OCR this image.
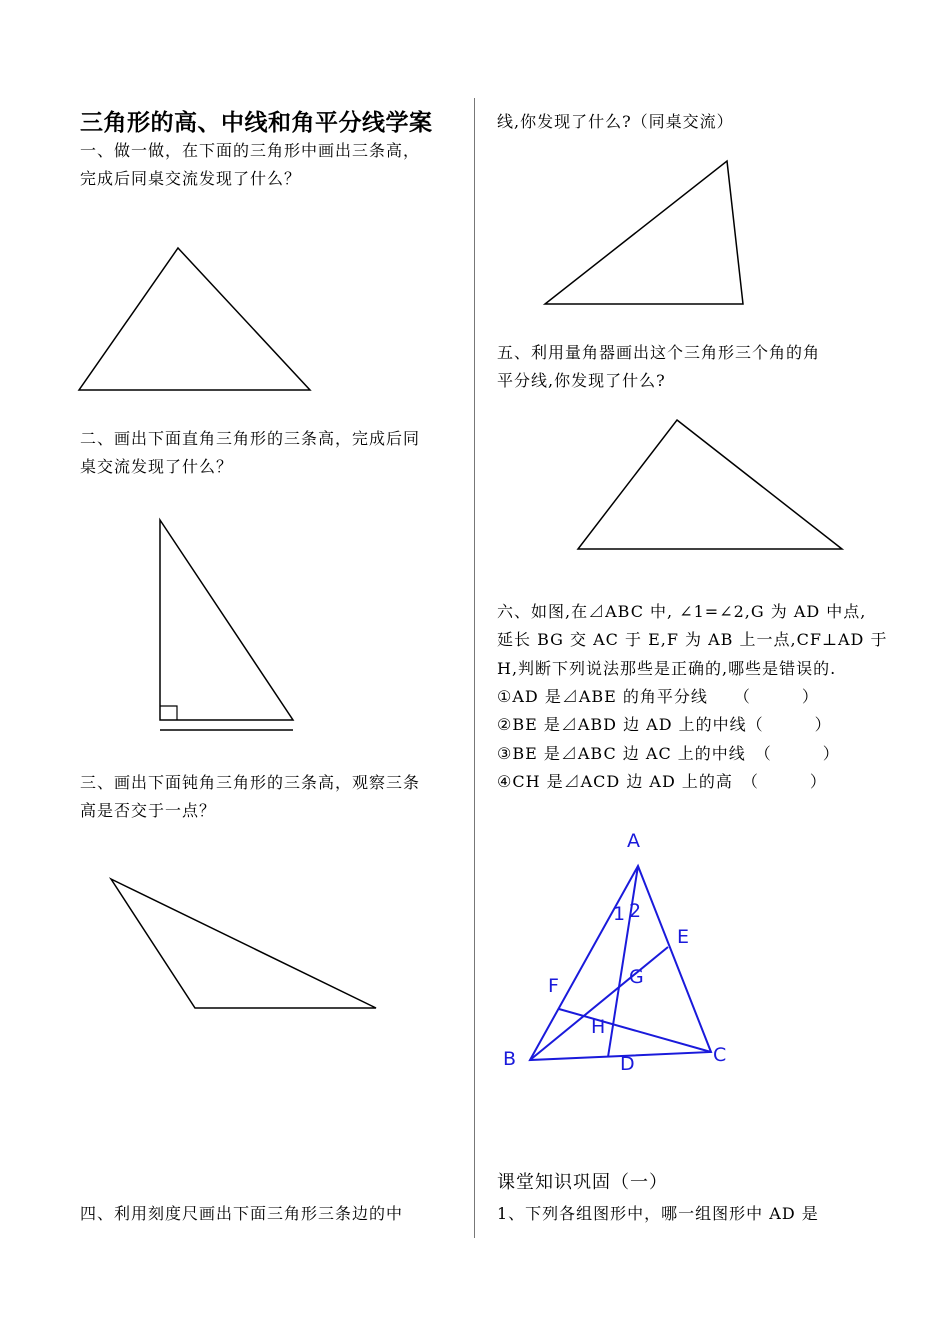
三角形的高、中线和角平分线学案
一、做一做，在下面的三角形中画出三条高，
完成后同桌交流发现了什么？
二、画出下面直角三角形的三条高，完成后同
桌交流发现了什么？
三、画出下面钝角三角形的三条高，观察三条
高是否交于一点？
四、利用刻度尺画出下面三角形三条边的中
线,你发现了什么?（同桌交流）
五、利用量角器画出这个三角形三个角的角
平分线,你发现了什么?
六、如图,在⊿ABC 中, ∠1=∠2,G 为 AD 中点,
延长 BG 交 AC 于 E,F 为 AB 上一点,CF⊥AD 于
H,判断下列说法那些是正确的,哪些是错误的.
①AD 是⊿ABE 的角平分线　　（　　　）
②BE 是⊿ABD 边 AD 上的中线（　　　）
③BE 是⊿ABC 边 AC 上的中线　（　　　）
④CH 是⊿ACD 边 AD 上的高　（　　　）
A
B	C
D
E
F	G
H
1 2
课堂知识巩固（一）
1、下列各组图形中，哪一组图形中 AD 是
